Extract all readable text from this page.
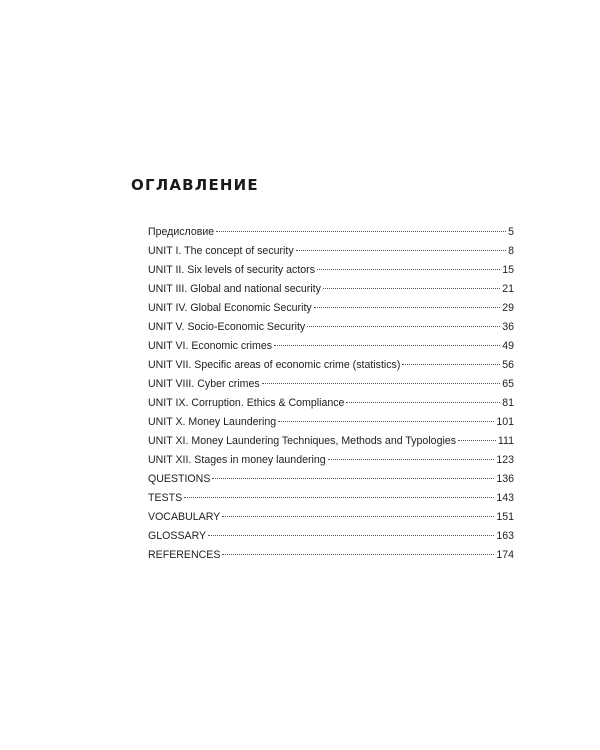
ОГЛАВЛЕНИЕ
Предисловие	5
UNIT I. The concept of security	8
UNIT II. Six levels of security actors	15
UNIT III. Global and national security	21
UNIT IV. Global Economic Security	29
UNIT V. Socio-Economic Security	36
UNIT VI. Economic crimes	49
UNIT VII. Specific areas of economic crime (statistics)	56
UNIT VIII. Cyber crimes	65
UNIT IX. Corruption. Ethics & Compliance	81
UNIT X. Money Laundering	101
UNIT XI. Money Laundering Techniques, Methods and Typologies	111
UNIT XII. Stages in money laundering	123
QUESTIONS	136
TESTS	143
VOCABULARY	151
GLOSSARY	163
REFERENCES	174
